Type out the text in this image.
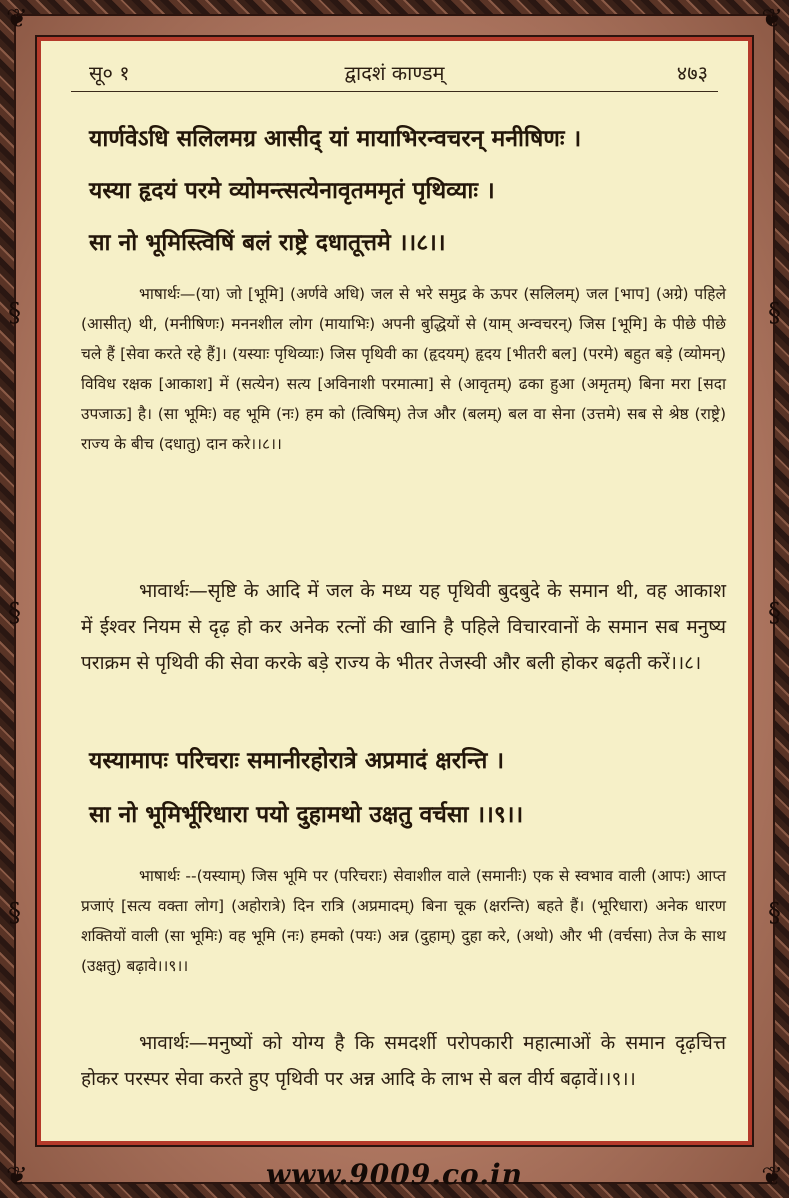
❦	❦
❦	❦
§
§
§
§
§
§
सू० १	द्वादशं काण्डम्	४७३
यार्णवेऽधि सलिलमग्र आसीद् यां मायाभिरन्वचरन् मनीषिणः ।
यस्या हृदयं परमे व्योमन्त्सत्येनावृतममृतं पृथिव्याः ।
सा नो भूमिस्त्विषिं बलं राष्ट्रे दधातूत्तमे ।।८।।

भाषार्थः—(या) जो [भूमि] (अर्णवे अधि) जल से भरे समुद्र के ऊपर (सलिलम्) जल [भाप] (अग्रे) पहिले (आसीत्) थी, (मनीषिणः) मननशील लोग (मायाभिः) अपनी बुद्धियों से (याम् अन्वचरन्) जिस [भूमि] के पीछे पीछे चले हैं [सेवा करते रहे हैं]। (यस्याः पृथिव्याः) जिस पृथिवी का (हृदयम्) हृदय [भीतरी बल] (परमे) बहुत बड़े (व्योमन्) विविध रक्षक [आकाश] में (सत्येन) सत्य [अविनाशी परमात्मा] से (आवृतम्) ढका हुआ (अमृतम्) बिना मरा [सदा उपजाऊ] है। (सा भूमिः) वह भूमि (नः) हम को (त्विषिम्) तेज और (बलम्) बल वा सेना (उत्तमे) सब से श्रेष्ठ (राष्ट्रे) राज्य के बीच (दधातु) दान करे।।८।।

भावार्थः—सृष्टि के आदि में जल के मध्य यह पृथिवी बुदबुदे के समान थी, वह आकाश में ईश्वर नियम से दृढ़ हो कर अनेक रत्नों की खानि है पहिले विचारवानों के समान सब मनुष्य पराक्रम से पृथिवी की सेवा करके बड़े राज्य के भीतर तेजस्वी और बली होकर बढ़ती करें।।८।

यस्यामापः परिचराः समानीरहोरात्रे अप्रमादं क्षरन्ति ।
सा नो भूमिर्भूरिधारा पयो दुहामथो उक्षतु वर्चसा ।।९।।

भाषार्थः --(यस्याम्) जिस भूमि पर (परिचराः) सेवाशील वाले (समानीः) एक से स्वभाव वाली (आपः) आप्त प्रजाएं [सत्य वक्ता लोग] (अहोरात्रे) दिन रात्रि (अप्रमादम्) बिना चूक (क्षरन्ति) बहते हैं। (भूरिधारा) अनेक धारण शक्तियों वाली (सा भूमिः) वह भूमि (नः) हमको (पयः) अन्न (दुहाम्) दुहा करे, (अथो) और भी (वर्चसा) तेज के साथ (उक्षतु) बढ़ावे।।९।।

भावार्थः—मनुष्यों को योग्य है कि समदर्शी परोपकारी महात्माओं के समान दृढ़चित्त होकर परस्पर सेवा करते हुए पृथिवी पर अन्न आदि के लाभ से बल वीर्य बढ़ावें।।९।।

www.9009.co.in
